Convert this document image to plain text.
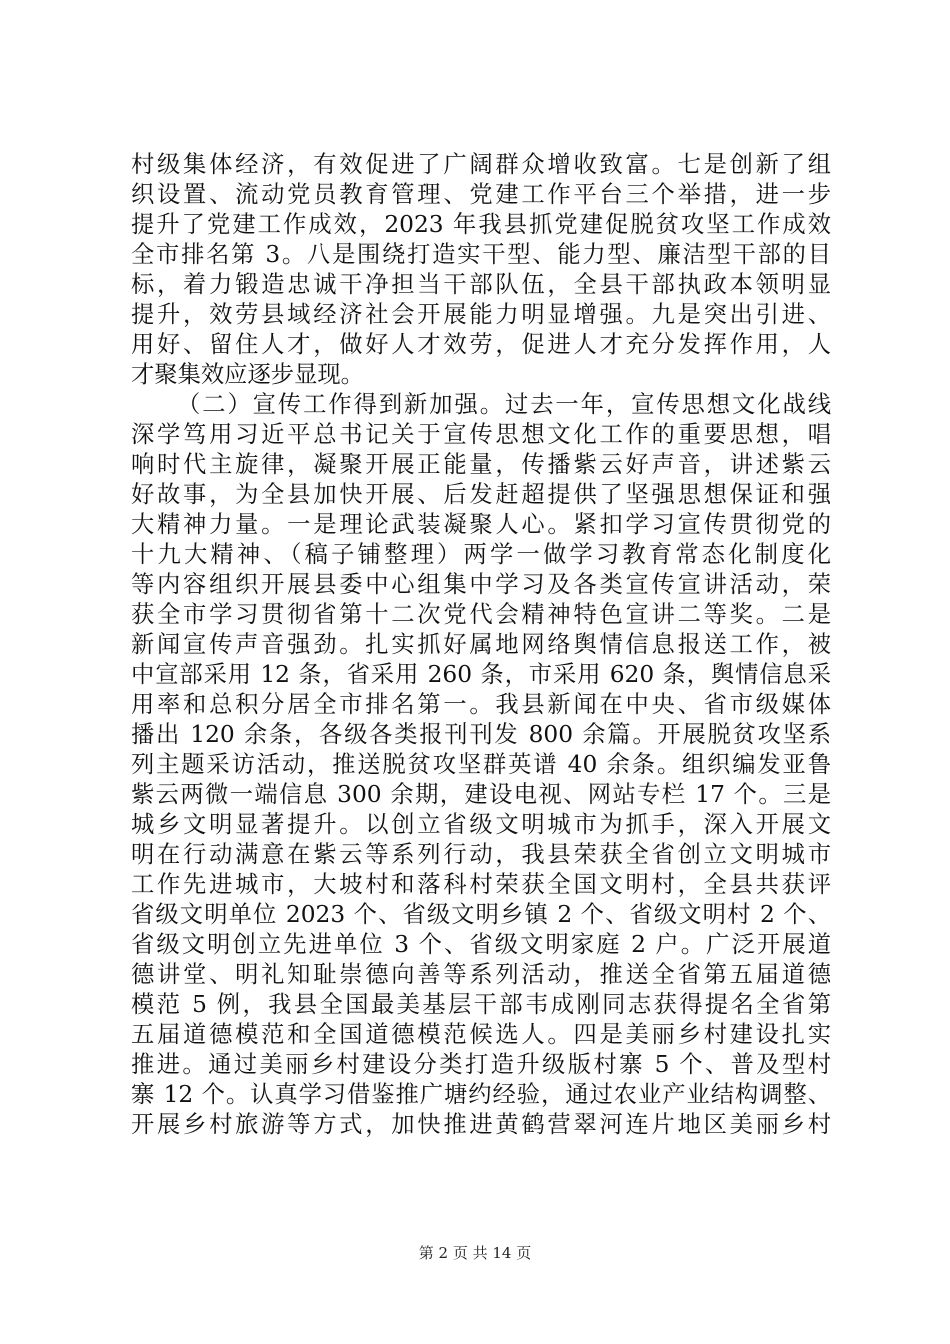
村级集体经济，有效促进了广阔群众增收致富。七是创新了组
织设置、流动党员教育管理、党建工作平台三个举措，进一步
提升了党建工作成效，2023 年我县抓党建促脱贫攻坚工作成效
全市排名第 3。八是围绕打造实干型、能力型、廉洁型干部的目
标，着力锻造忠诚干净担当干部队伍，全县干部执政本领明显
提升，效劳县域经济社会开展能力明显增强。九是突出引进、
用好、留住人才，做好人才效劳，促进人才充分发挥作用，人
才聚集效应逐步显现。
（二）宣传工作得到新加强。过去一年，宣传思想文化战线
深学笃用习近平总书记关于宣传思想文化工作的重要思想，唱
响时代主旋律，凝聚开展正能量，传播紫云好声音，讲述紫云
好故事，为全县加快开展、后发赶超提供了坚强思想保证和强
大精神力量。一是理论武装凝聚人心。紧扣学习宣传贯彻党的
十九大精神、（稿子铺整理）两学一做学习教育常态化制度化
等内容组织开展县委中心组集中学习及各类宣传宣讲活动，荣
获全市学习贯彻省第十二次党代会精神特色宣讲二等奖。二是
新闻宣传声音强劲。扎实抓好属地网络舆情信息报送工作，被
中宣部采用 12 条，省采用 260 条，市采用 620 条，舆情信息采
用率和总积分居全市排名第一。我县新闻在中央、省市级媒体
播出 120 余条，各级各类报刊刊发 800 余篇。开展脱贫攻坚系
列主题采访活动，推送脱贫攻坚群英谱 40 余条。组织编发亚鲁
紫云两微一端信息 300 余期，建设电视、网站专栏 17 个。三是
城乡文明显著提升。以创立省级文明城市为抓手，深入开展文
明在行动满意在紫云等系列行动，我县荣获全省创立文明城市
工作先进城市，大坡村和落科村荣获全国文明村，全县共获评
省级文明单位 2023 个、省级文明乡镇 2 个、省级文明村 2 个、
省级文明创立先进单位 3 个、省级文明家庭 2 户。广泛开展道
德讲堂、明礼知耻崇德向善等系列活动，推送全省第五届道德
模范 5 例，我县全国最美基层干部韦成刚同志获得提名全省第
五届道德模范和全国道德模范候选人。四是美丽乡村建设扎实
推进。通过美丽乡村建设分类打造升级版村寨 5 个、普及型村
寨 12 个。认真学习借鉴推广塘约经验，通过农业产业结构调整、
开展乡村旅游等方式，加快推进黄鹤营翠河连片地区美丽乡村
第 2 页 共 14 页
